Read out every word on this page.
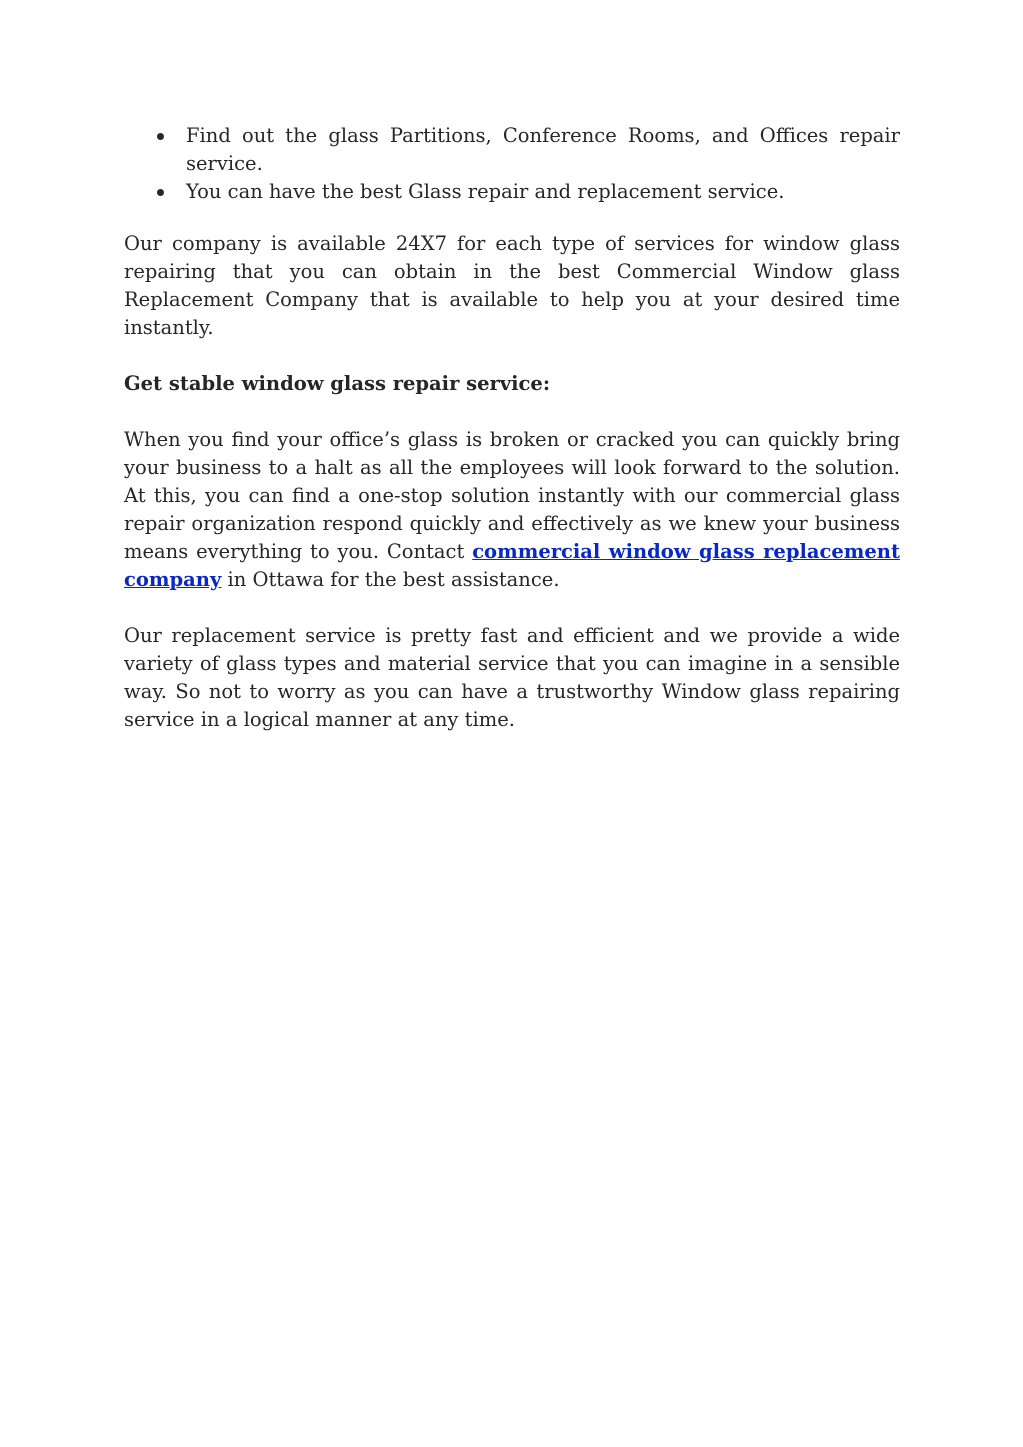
Find out the glass Partitions, Conference Rooms, and Offices repair service.
You can have the best Glass repair and replacement service.

Our company is available 24X7 for each type of services for window glass repairing that you can obtain in the best Commercial Window glass Replacement Company that is available to help you at your desired time instantly.

Get stable window glass repair service:

When you find your office’s glass is broken or cracked you can quickly bring your business to a halt as all the employees will look forward to the solution. At this, you can find a one-stop solution instantly with our commercial glass repair organization respond quickly and effectively as we knew your business means everything to you. Contact commercial window glass replacement company in Ottawa for the best assistance.

Our replacement service is pretty fast and efficient and we provide a wide variety of glass types and material service that you can imagine in a sensible way. So not to worry as you can have a trustworthy Window glass repairing service in a logical manner at any time.
